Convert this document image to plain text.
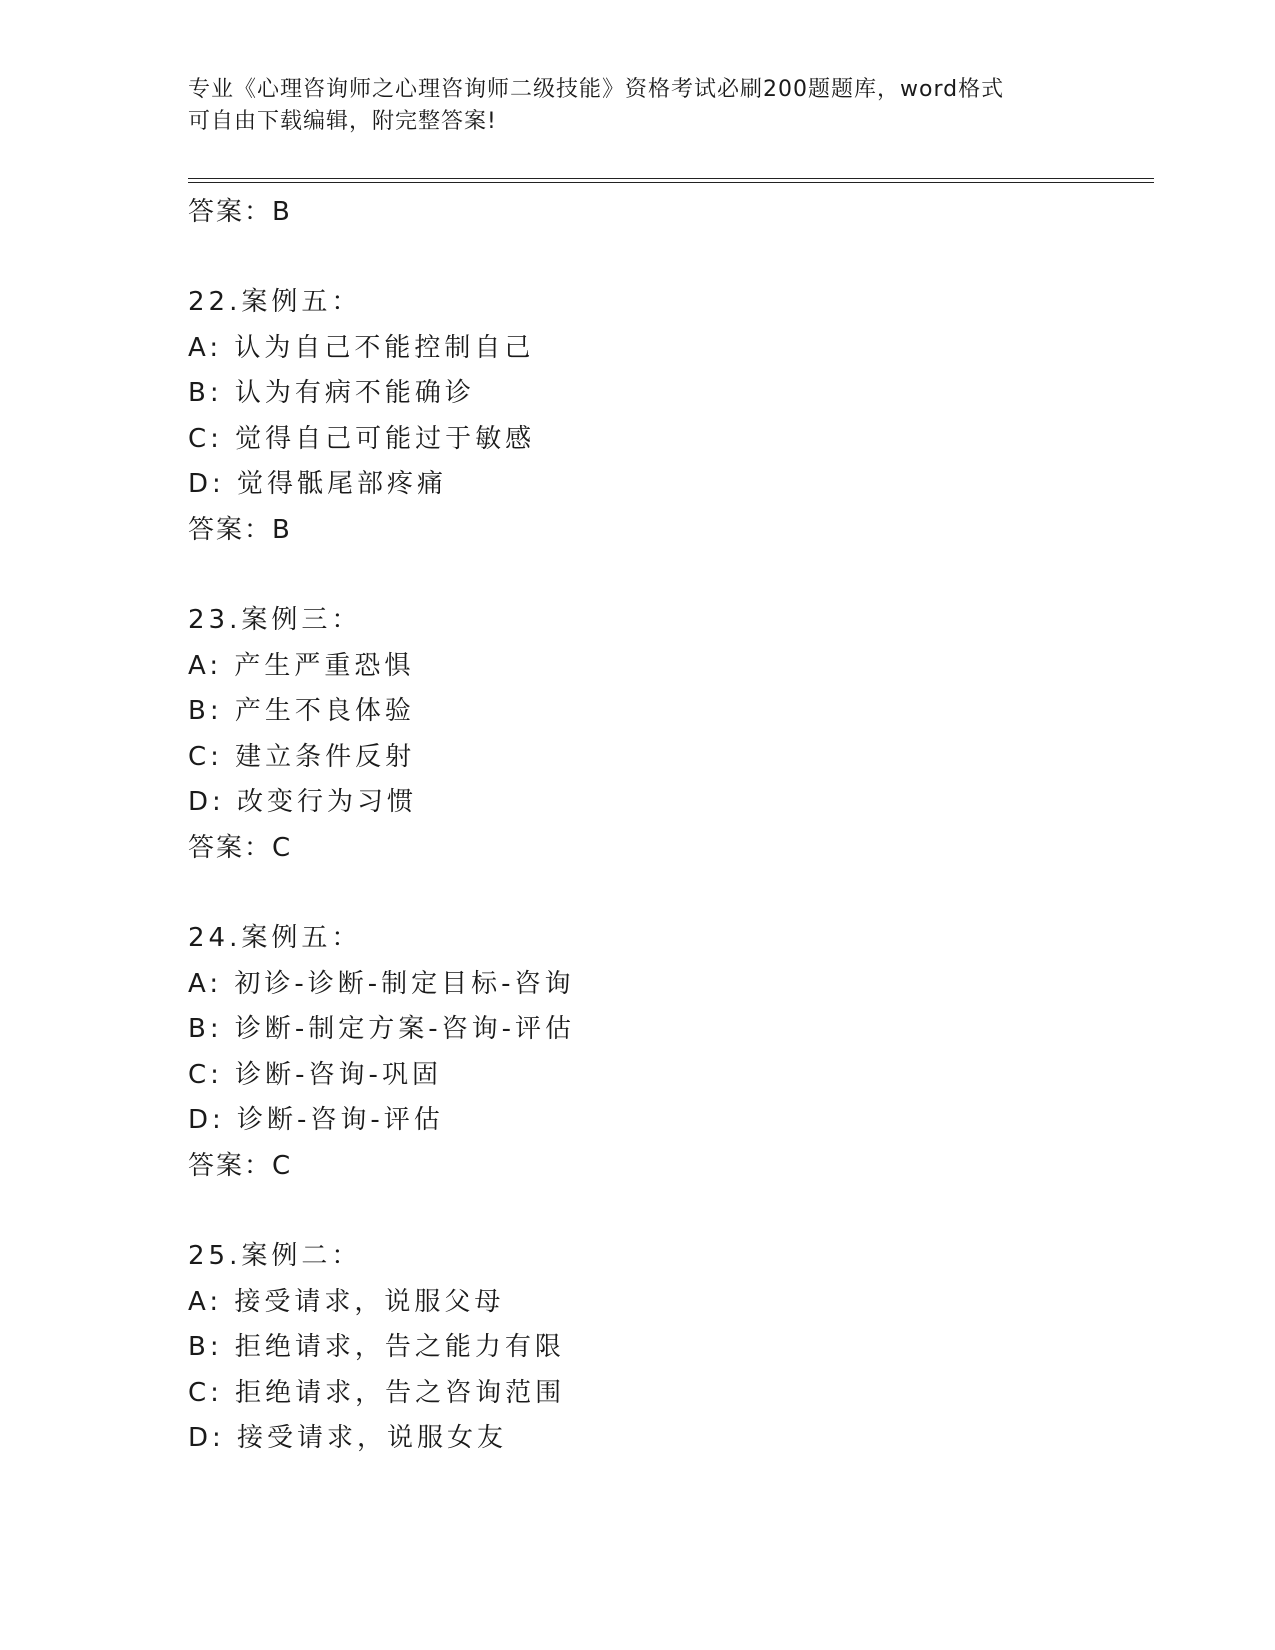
专业《心理咨询师之心理咨询师二级技能》资格考试必刷200题题库，word格式
可自由下载编辑，附完整答案!
答案：B
22.案例五：
A: 认为自己不能控制自己
B: 认为有病不能确诊
C: 觉得自己可能过于敏感
D: 觉得骶尾部疼痛
答案：B
23.案例三：
A: 产生严重恐惧
B: 产生不良体验
C: 建立条件反射
D: 改变行为习惯
答案：C
24.案例五：
A: 初诊-诊断-制定目标-咨询
B: 诊断-制定方案-咨询-评估
C: 诊断-咨询-巩固
D: 诊断-咨询-评估
答案：C
25.案例二：
A: 接受请求，说服父母
B: 拒绝请求，告之能力有限
C: 拒绝请求，告之咨询范围
D: 接受请求，说服女友
